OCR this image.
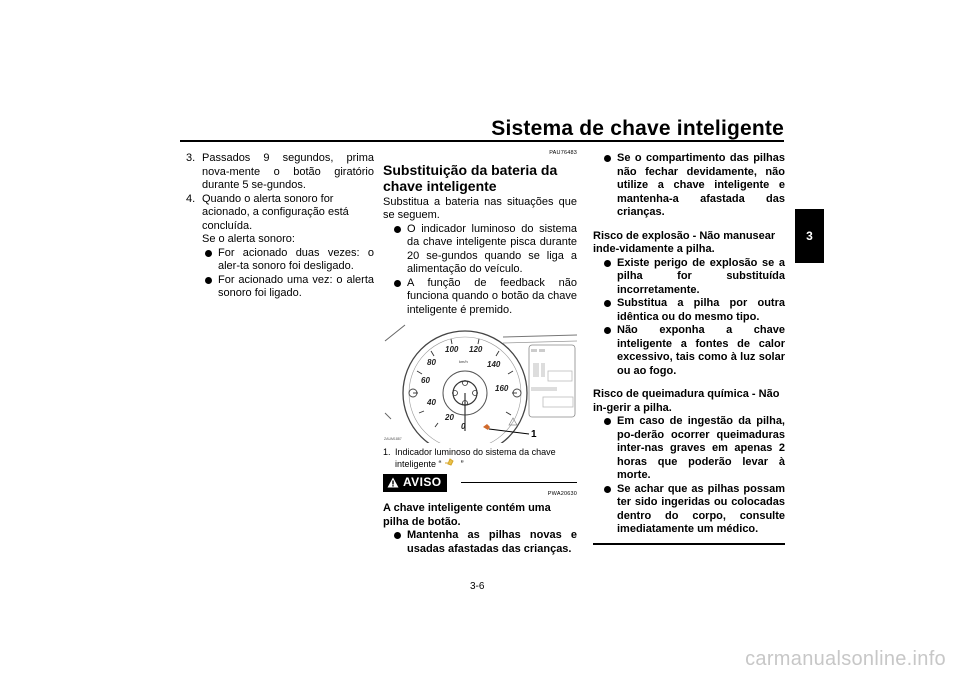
Sistema de chave inteligente
3
3. Passados 9 segundos, prima nova-mente o botão giratório durante 5 se-gundos.
4. Quando o alerta sonoro for acionado, a configuração está concluída.
Se o alerta sonoro:
For acionado duas vezes: o aler-ta sonoro foi desligado.
For acionado uma vez: o alerta sonoro foi ligado.
PAU76483
Substituição da bateria da chave inteligente
Substitua a bateria nas situações que se seguem.
O indicador luminoso do sistema da chave inteligente pisca durante 20 se-gundos quando se liga a alimentação do veículo.
A função de feedback não funciona quando o botão da chave inteligente é premido.
20
40
60
80
100 120
140
160
0
km/h
1
ZAUM1887
1. Indicador luminoso do sistema da chave inteligente “ ”
AVISO
PWA20630
A chave inteligente contém uma pilha de botão.
Mantenha as pilhas novas e usadas afastadas das crianças.
Se o compartimento das pilhas não fechar devidamente, não utilize a chave inteligente e mantenha-a afastada das crianças.
Risco de explosão - Não manusear inde-vidamente a pilha.
Existe perigo de explosão se a pilha for substituída incorretamente.
Substitua a pilha por outra idêntica ou do mesmo tipo.
Não exponha a chave inteligente a fontes de calor excessivo, tais como à luz solar ou ao fogo.
Risco de queimadura química - Não in-gerir a pilha.
Em caso de ingestão da pilha, po-derão ocorrer queimaduras inter-nas graves em apenas 2 horas que poderão levar à morte.
Se achar que as pilhas possam ter sido ingeridas ou colocadas dentro do corpo, consulte imediatamente um médico.
3-6
carmanualsonline.info
